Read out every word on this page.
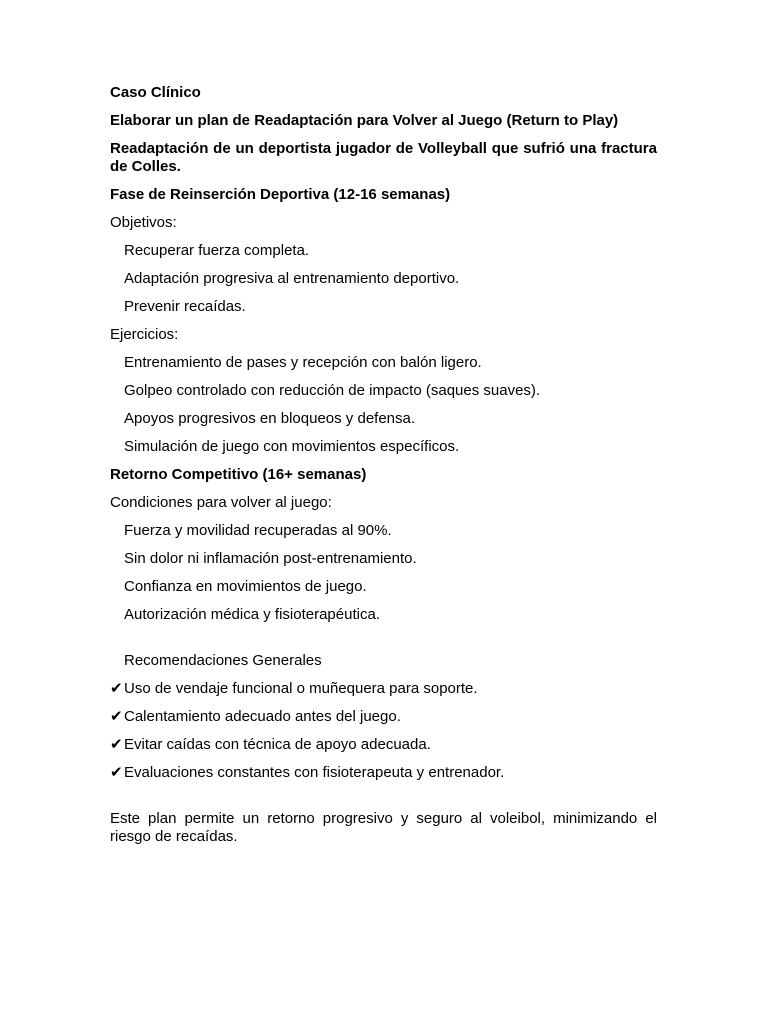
Caso Clínico
Elaborar un plan de Readaptación para Volver al Juego (Return to Play)
Readaptación de un deportista jugador de Volleyball que sufrió una fractura de Colles.
Fase de Reinserción Deportiva (12-16 semanas)
Objetivos:
Recuperar fuerza completa.
Adaptación progresiva al entrenamiento deportivo.
Prevenir recaídas.
Ejercicios:
Entrenamiento de pases y recepción con balón ligero.
Golpeo controlado con reducción de impacto (saques suaves).
Apoyos progresivos en bloqueos y defensa.
Simulación de juego con movimientos específicos.
Retorno Competitivo (16+ semanas)
Condiciones para volver al juego:
Fuerza y movilidad recuperadas al 90%.
Sin dolor ni inflamación post-entrenamiento.
Confianza en movimientos de juego.
Autorización médica y fisioterapéutica.
Recomendaciones Generales
✔Uso de vendaje funcional o muñequera para soporte.
✔Calentamiento adecuado antes del juego.
✔Evitar caídas con técnica de apoyo adecuada.
✔Evaluaciones constantes con fisioterapeuta y entrenador.
Este plan permite un retorno progresivo y seguro al voleibol, minimizando el riesgo de recaídas.
